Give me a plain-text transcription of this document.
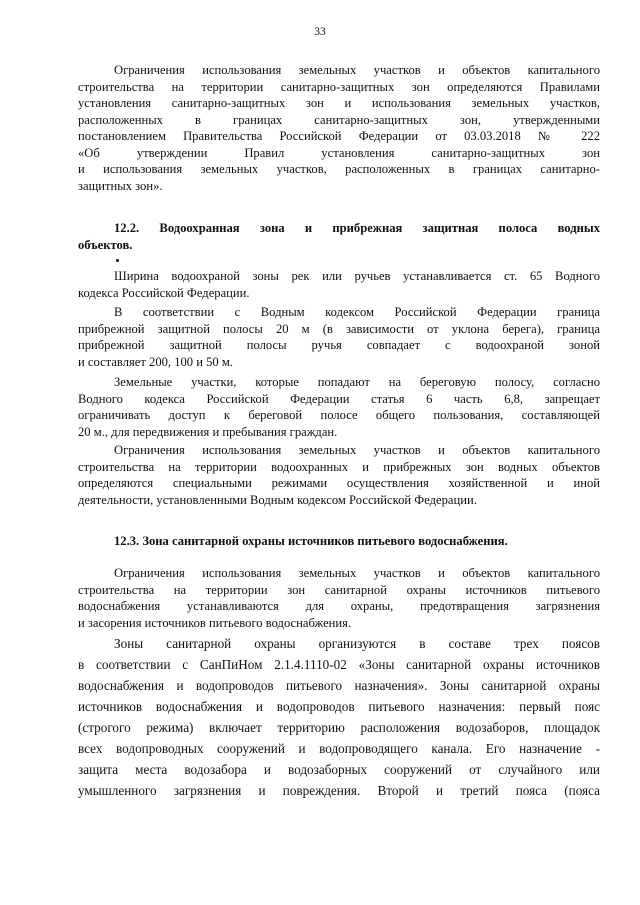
33
Ограничения использования земельных участков и объектов капитального
строительства на территории санитарно-защитных зон определяются Правилами
установления санитарно-защитных зон и использования земельных участков,
расположенных в границах санитарно-защитных зон, утвержденными
постановлением Правительства Российской Федерации от 03.03.2018 № 222
«Об утверждении Правил установления санитарно-защитных зон
и использования земельных участков, расположенных в границах санитарно-
защитных зон».
12.2. Водоохранная зона и прибрежная защитная полоса водных
объектов.
Ширина водоохраной зоны рек или ручьев устанавливается ст. 65 Водного
кодекса Российской Федерации.
В соответствии с Водным кодексом Российской Федерации граница
прибрежной защитной полосы 20 м (в зависимости от уклона берега), граница
прибрежной защитной полосы ручья совпадает с водоохраной зоной
и составляет 200, 100 и 50 м.
Земельные участки, которые попадают на береговую полосу, согласно
Водного кодекса Российской Федерации статья 6 часть 6,8, запрещает
ограничивать доступ к береговой полосе общего пользования, составляющей
20 м., для передвижения и пребывания граждан.
Ограничения использования земельных участков и объектов капитального
строительства на территории водоохранных и прибрежных зон водных объектов
определяются специальными режимами осуществления хозяйственной и иной
деятельности, установленными Водным кодексом Российской Федерации.
12.3. Зона санитарной охраны источников питьевого водоснабжения.
Ограничения использования земельных участков и объектов капитального
строительства на территории зон санитарной охраны источников питьевого
водоснабжения устанавливаются для охраны, предотвращения загрязнения
и засорения источников питьевого водоснабжения.
Зоны санитарной охраны организуются в составе трех поясов
в соответствии с СанПиНом 2.1.4.1110-02 «Зоны санитарной охраны источников
водоснабжения и водопроводов питьевого назначения». Зоны санитарной охраны
источников водоснабжения и водопроводов питьевого назначения: первый пояс
(строгого режима) включает территорию расположения водозаборов, площадок
всех водопроводных сооружений и водопроводящего канала. Его назначение -
защита места водозабора и водозаборных сооружений от случайного или
умышленного загрязнения и повреждения. Второй и третий пояса (пояса
